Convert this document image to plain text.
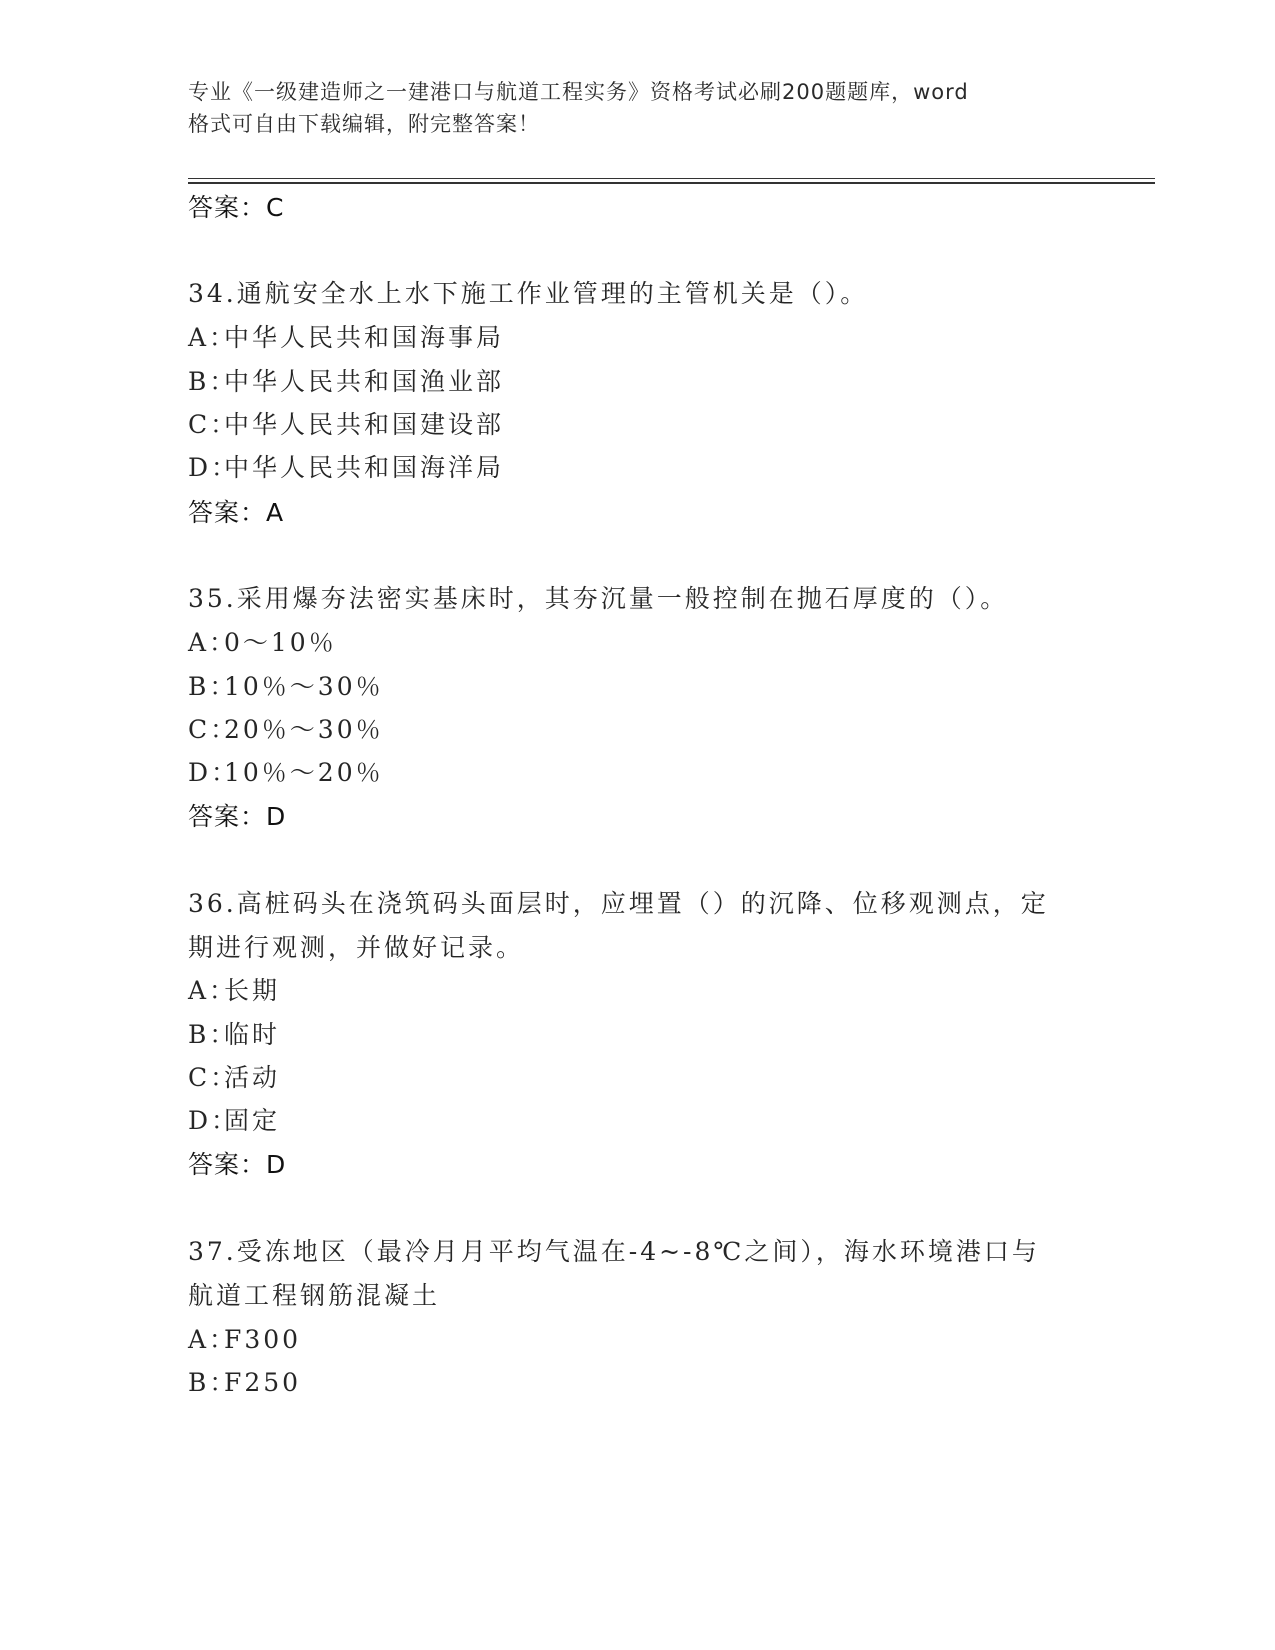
专业《一级建造师之一建港口与航道工程实务》资格考试必刷200题题库，word
格式可自由下载编辑，附完整答案！
答案：C
34.通航安全水上水下施工作业管理的主管机关是（）。
A：中华人民共和国海事局
B：中华人民共和国渔业部
C：中华人民共和国建设部
D：中华人民共和国海洋局
答案：A
35.采用爆夯法密实基床时，其夯沉量一般控制在抛石厚度的（）。
A：0～10％
B：10％～30％
C：20％～30％
D：10％～20％
答案：D
36.高桩码头在浇筑码头面层时，应埋置（）的沉降、位移观测点，定
期进行观测，并做好记录。
A：长期
B：临时
C：活动
D：固定
答案：D
37.受冻地区（最冷月月平均气温在-4~-8℃之间），海水环境港口与
航道工程钢筋混凝土
A：F300
B：F250
